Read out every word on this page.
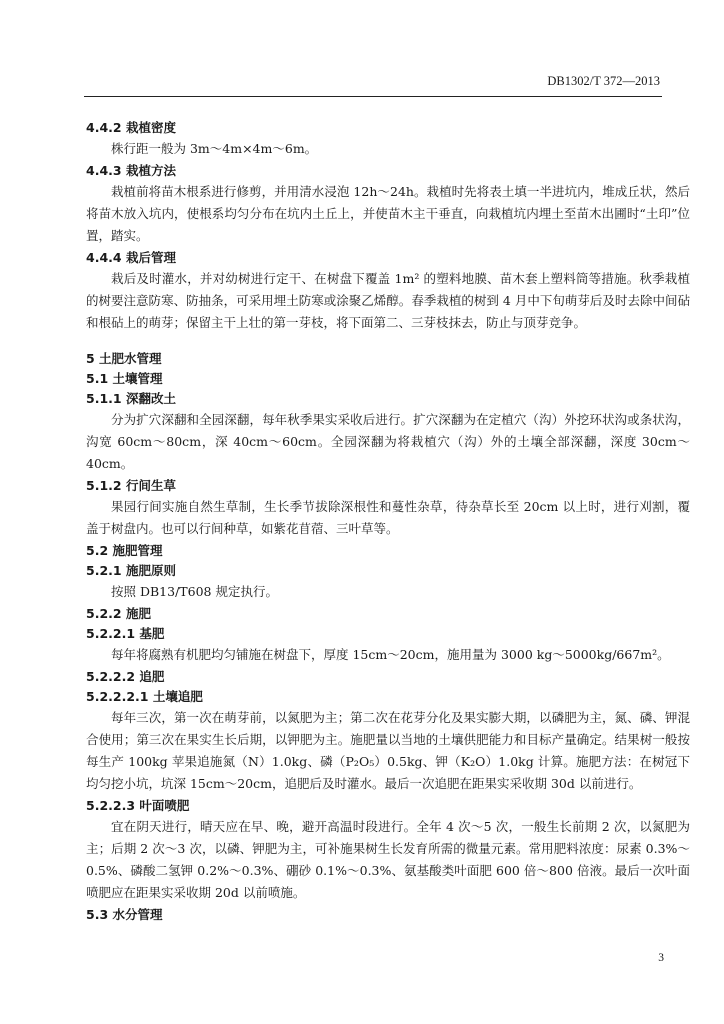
DB1302/T 372—2013
4.4.2 栽植密度

株行距一般为 3m～4m×4m～6m。

4.4.3 栽植方法

栽植前将苗木根系进行修剪，并用清水浸泡 12h～24h。栽植时先将表土填一半进坑内，堆成丘状，然后将苗木放入坑内，使根系均匀分布在坑内土丘上，并使苗木主干垂直，向栽植坑内埋土至苗木出圃时“土印”位置，踏实。

4.4.4 栽后管理

栽后及时灌水，并对幼树进行定干、在树盘下覆盖 1m² 的塑料地膜、苗木套上塑料筒等措施。秋季栽植的树要注意防寒、防抽条，可采用埋土防寒或涂聚乙烯醇。春季栽植的树到 4 月中下旬萌芽后及时去除中间砧和根砧上的萌芽；保留主干上壮的第一芽枝，将下面第二、三芽枝抹去，防止与顶芽竞争。

5 土肥水管理
5.1 土壤管理
5.1.1 深翻改土

分为扩穴深翻和全园深翻，每年秋季果实采收后进行。扩穴深翻为在定植穴（沟）外挖环状沟或条状沟，沟宽 60cm～80cm，深 40cm～60cm。全园深翻为将栽植穴（沟）外的土壤全部深翻，深度 30cm～40cm。

5.1.2 行间生草

果园行间实施自然生草制，生长季节拔除深根性和蔓性杂草，待杂草长至 20cm 以上时，进行刈割，覆盖于树盘内。也可以行间种草，如紫花苜蓿、三叶草等。

5.2 施肥管理
5.2.1 施肥原则

按照 DB13/T608 规定执行。

5.2.2 施肥
5.2.2.1 基肥

每年将腐熟有机肥均匀铺施在树盘下，厚度 15cm～20cm，施用量为 3000 kg～5000kg/667m²。

5.2.2.2 追肥
5.2.2.2.1 土壤追肥

每年三次，第一次在萌芽前，以氮肥为主；第二次在花芽分化及果实膨大期，以磷肥为主，氮、磷、钾混合使用；第三次在果实生长后期，以钾肥为主。施肥量以当地的土壤供肥能力和目标产量确定。结果树一般按每生产 100kg 苹果追施氮（N）1.0kg、磷（P₂O₅）0.5kg、钾（K₂O）1.0kg 计算。施肥方法：在树冠下均匀挖小坑，坑深 15cm～20cm，追肥后及时灌水。最后一次追肥在距果实采收期 30d 以前进行。

5.2.2.3 叶面喷肥

宜在阴天进行，晴天应在早、晚，避开高温时段进行。全年 4 次～5 次，一般生长前期 2 次，以氮肥为主；后期 2 次～3 次，以磷、钾肥为主，可补施果树生长发育所需的微量元素。常用肥料浓度：尿素 0.3%～0.5%、磷酸二氢钾 0.2%～0.3%、硼砂 0.1%～0.3%、氨基酸类叶面肥 600 倍～800 倍液。最后一次叶面喷肥应在距果实采收期 20d 以前喷施。

5.3 水分管理
3
